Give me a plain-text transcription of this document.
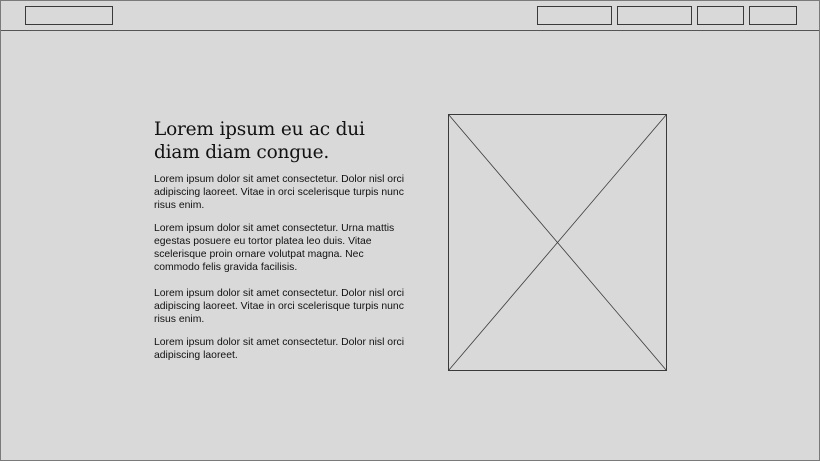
Lorem ipsum eu ac dui diam diam congue.

Lorem ipsum dolor sit amet consectetur. Dolor nisl orci adipiscing laoreet. Vitae in orci scelerisque turpis nunc risus enim.

Lorem ipsum dolor sit amet consectetur. Urna mattis egestas posuere eu tortor platea leo duis. Vitae scelerisque proin ornare volutpat magna. Nec commodo felis gravida facilisis.

Lorem ipsum dolor sit amet consectetur. Dolor nisl orci adipiscing laoreet. Vitae in orci scelerisque turpis nunc risus enim.

Lorem ipsum dolor sit amet consectetur. Dolor nisl orci adipiscing laoreet.
